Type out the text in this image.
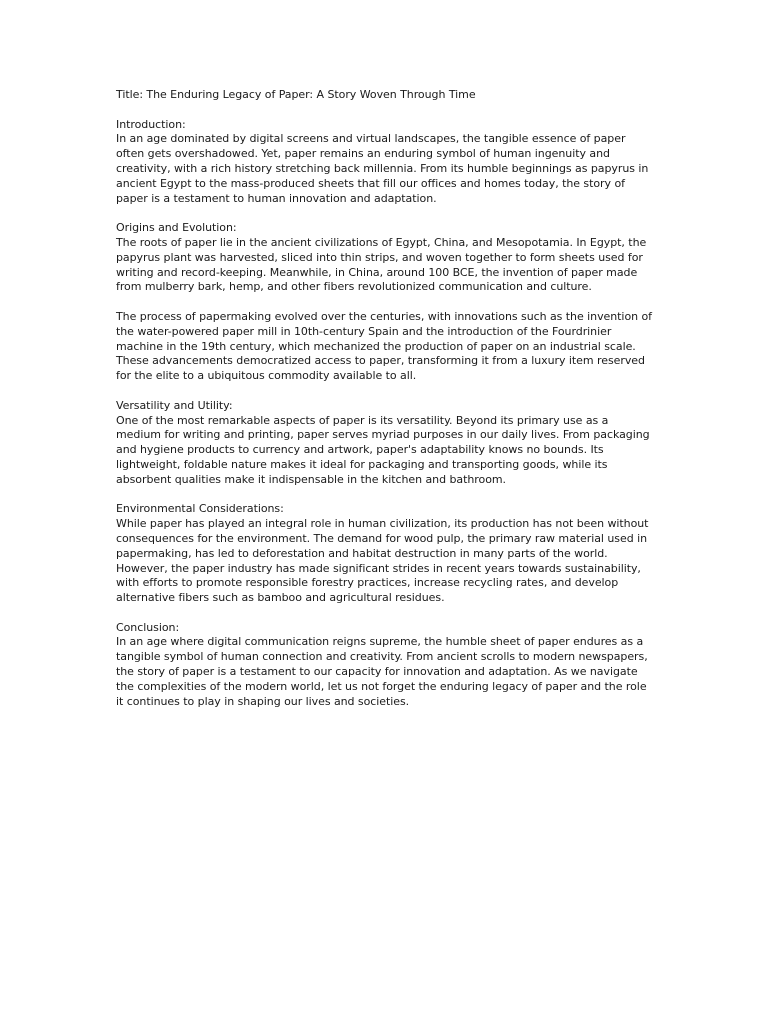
Title: The Enduring Legacy of Paper: A Story Woven Through Time

Introduction:
In an age dominated by digital screens and virtual landscapes, the tangible essence of paper often gets overshadowed. Yet, paper remains an enduring symbol of human ingenuity and creativity, with a rich history stretching back millennia. From its humble beginnings as papyrus in ancient Egypt to the mass-produced sheets that fill our offices and homes today, the story of paper is a testament to human innovation and adaptation.
Origins and Evolution:
The roots of paper lie in the ancient civilizations of Egypt, China, and Mesopotamia. In Egypt, the papyrus plant was harvested, sliced into thin strips, and woven together to form sheets used for writing and record-keeping. Meanwhile, in China, around 100 BCE, the invention of paper made from mulberry bark, hemp, and other fibers revolutionized communication and culture.
The process of papermaking evolved over the centuries, with innovations such as the invention of the water-powered paper mill in 10th-century Spain and the introduction of the Fourdrinier machine in the 19th century, which mechanized the production of paper on an industrial scale. These advancements democratized access to paper, transforming it from a luxury item reserved for the elite to a ubiquitous commodity available to all.
Versatility and Utility:
One of the most remarkable aspects of paper is its versatility. Beyond its primary use as a medium for writing and printing, paper serves myriad purposes in our daily lives. From packaging and hygiene products to currency and artwork, paper's adaptability knows no bounds. Its lightweight, foldable nature makes it ideal for packaging and transporting goods, while its absorbent qualities make it indispensable in the kitchen and bathroom.
Environmental Considerations:
While paper has played an integral role in human civilization, its production has not been without consequences for the environment. The demand for wood pulp, the primary raw material used in papermaking, has led to deforestation and habitat destruction in many parts of the world. However, the paper industry has made significant strides in recent years towards sustainability, with efforts to promote responsible forestry practices, increase recycling rates, and develop alternative fibers such as bamboo and agricultural residues.
Conclusion:
In an age where digital communication reigns supreme, the humble sheet of paper endures as a tangible symbol of human connection and creativity. From ancient scrolls to modern newspapers, the story of paper is a testament to our capacity for innovation and adaptation. As we navigate the complexities of the modern world, let us not forget the enduring legacy of paper and the role it continues to play in shaping our lives and societies.
